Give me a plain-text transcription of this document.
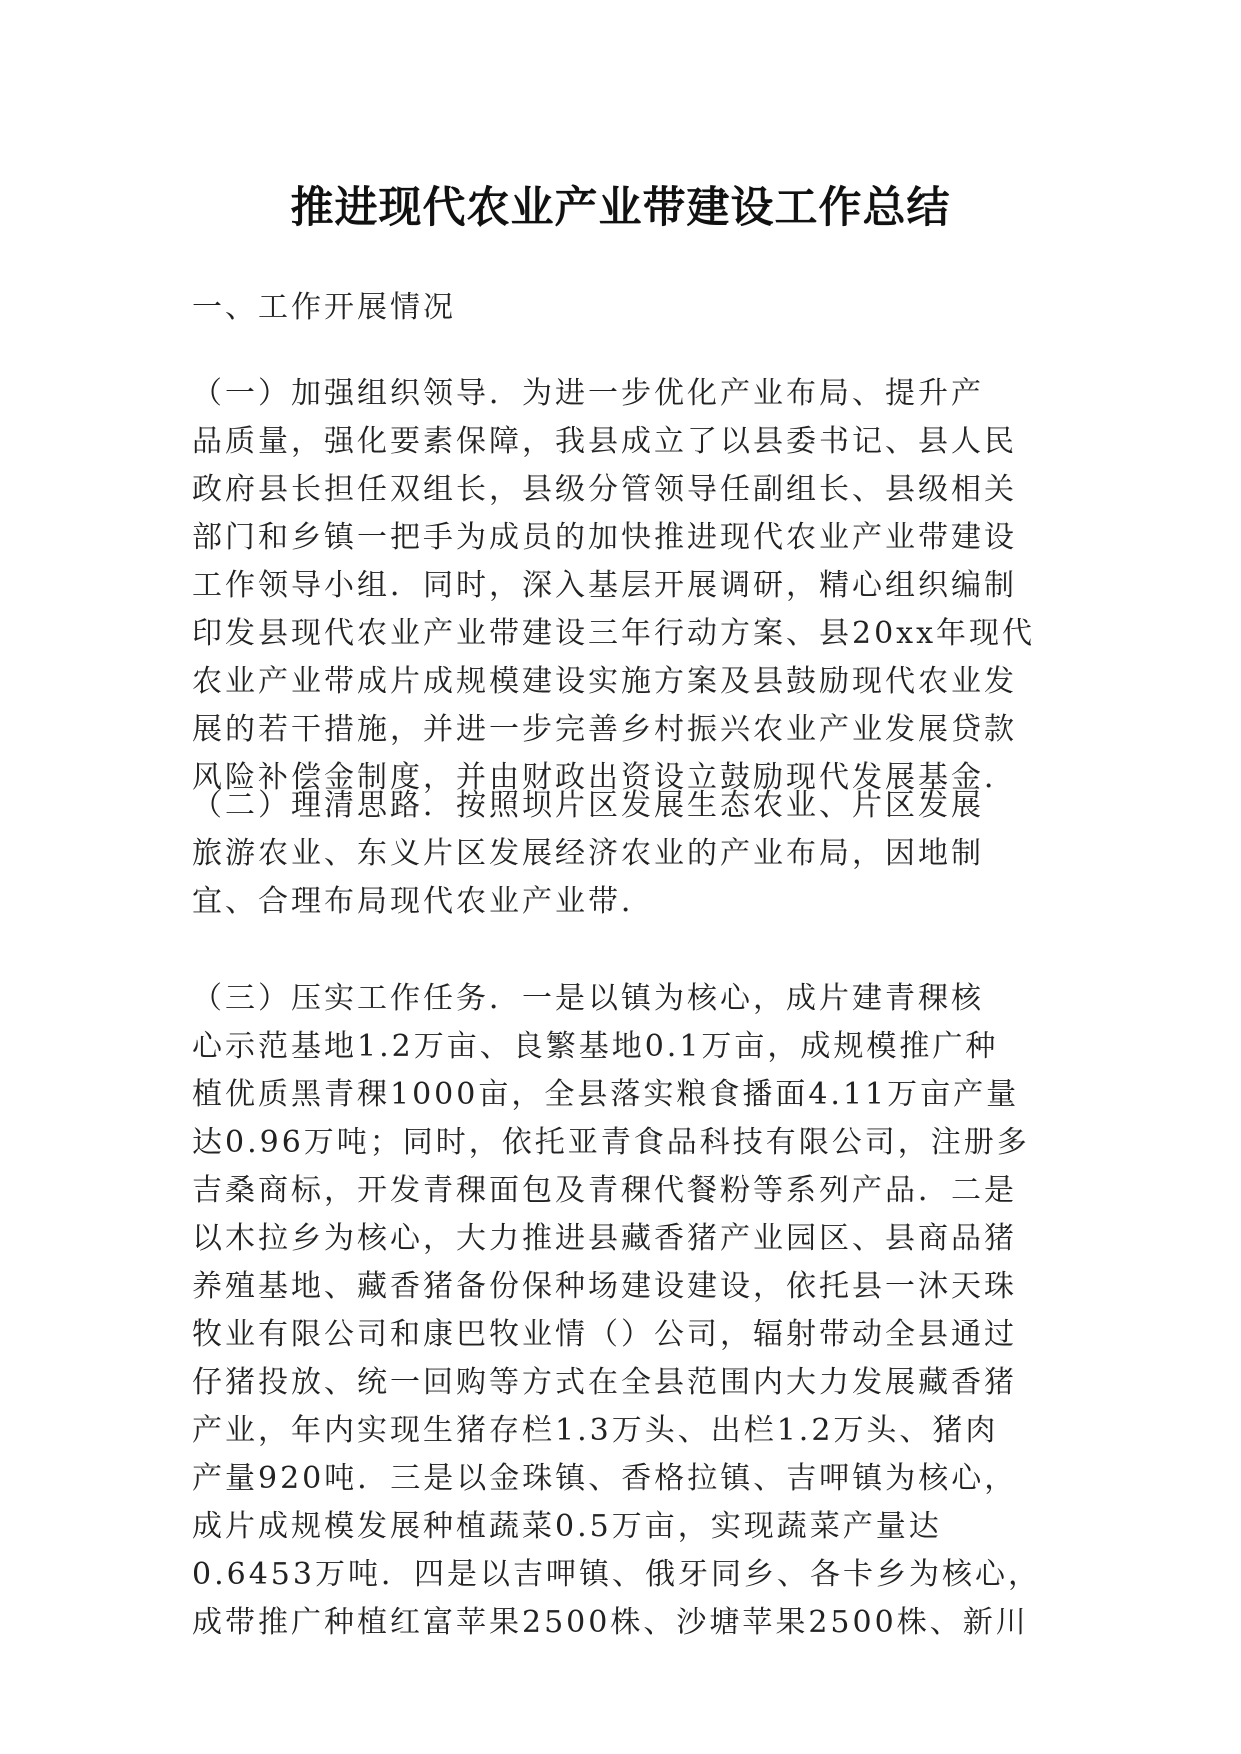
推进现代农业产业带建设工作总结

一、工作开展情况

（一）加强组织领导．为进一步优化产业布局、提升产
品质量，强化要素保障，我县成立了以县委书记、县人民
政府县长担任双组长，县级分管领导任副组长、县级相关
部门和乡镇一把手为成员的加快推进现代农业产业带建设
工作领导小组．同时，深入基层开展调研，精心组织编制
印发县现代农业产业带建设三年行动方案、县20xx年现代
农业产业带成片成规模建设实施方案及县鼓励现代农业发
展的若干措施，并进一步完善乡村振兴农业产业发展贷款
风险补偿金制度，并由财政出资设立鼓励现代发展基金．
（二）理清思路．按照坝片区发展生态农业、片区发展
旅游农业、东义片区发展经济农业的产业布局，因地制
宜、合理布局现代农业产业带．
（三）压实工作任务．一是以镇为核心，成片建青稞核
心示范基地1.2万亩、良繁基地0.1万亩，成规模推广种
植优质黑青稞1000亩，全县落实粮食播面4.11万亩产量
达0.96万吨；同时，依托亚青食品科技有限公司，注册多
吉桑商标，开发青稞面包及青稞代餐粉等系列产品．二是
以木拉乡为核心，大力推进县藏香猪产业园区、县商品猪
养殖基地、藏香猪备份保种场建设建设，依托县一沐天珠
牧业有限公司和康巴牧业情（）公司，辐射带动全县通过
仔猪投放、统一回购等方式在全县范围内大力发展藏香猪
产业，年内实现生猪存栏1.3万头、出栏1.2万头、猪肉
产量920吨．三是以金珠镇、香格拉镇、吉呷镇为核心，
成片成规模发展种植蔬菜0.5万亩，实现蔬菜产量达
0.6453万吨．四是以吉呷镇、俄牙同乡、各卡乡为核心，
成带推广种植红富苹果2500株、沙塘苹果2500株、新川
